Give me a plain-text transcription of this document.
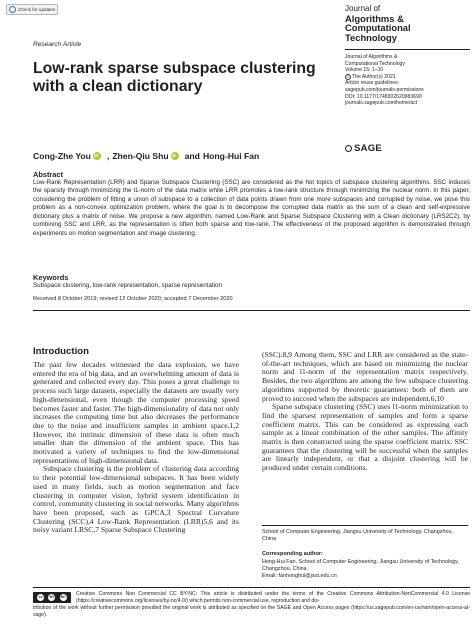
Check for updates	Journal of
Algorithms &
Computational
Technology
Research Article
Low-rank sparse subspace clustering with a clean dictionary
Journal of Algorithms &
Computational Technology
Volume 15: 1–10
© The Author(s) 2021
Article reuse guidelines:
sagepub.com/journals-permissions
DOI: 10.1177/1748302620983690
journals.sagepub.com/home/act
SAGE
Cong-Zhe You iD , Zhen-Qiu Shu iD and Hong-Hui Fan
Abstract
Low-Rank Representation (LRR) and Sparse Subspace Clustering (SSC) are considered as the hot topics of subspace clustering algorithms. SSC induces the sparsity through minimizing the l1-norm of the data matrix while LRR promotes a low-rank structure through minimizing the nuclear norm. In this paper, considering the problem of fitting a union of subspace to a collection of data points drawn from one more subspaces and corrupted by noise, we pose this problem as a non-convex optimization problem, where the goal is to decompose the corrupted data matrix as the sum of a clean and self-expressive dictionary plus a matrix of noise. We propose a new algorithm, named Low-Rank and Sparse Subspace Clustering with a Clean dictionary (LRS2C2), by combining SSC and LRR, as the representation is often both sparse and low-rank. The effectiveness of the proposed algorithm is demonstrated through experiments on motion segmentation and image clustering.
Keywords
Subspace clustering, low-rank representation, sparse representation
Received 8 October 2019; revised 12 October 2020; accepted 7 December 2020
Introduction

The past few decades witnessed the data explosion, we have entered the era of big data, and an overwhelming amount of data is generated and collected every day. This poses a great challenge to process such large datasets, especially the datasets are usually very high-dimensional, even though the computer processing speed becomes faster and faster. The high-dimensionality of data not only increases the computing time but also decreases the performance due to the noise and insufficient samples in ambient space.1,2 However, the intrinsic dimension of these data is often much smaller than the dimension of the ambient space. This has motivated a variety of techniques to find the low-dimensional representations of high-dimensional data.

Subspace clustering is the problem of clustering data according to their potential low-dimensional subspaces. It has been widely used in many fields, such as motion segmentation and face clustering in computer vision, hybrid system identification in control, community clustering in social networks. Many algorithms have been proposed, such as GPCA,3 Spectral Curvature Clustering (SCC),4 Low-Rank Representation (LRR)5,6 and its noisy variant LRSC,7 Sparse Subspace Clustering

(SSC).8,9 Among them, SSC and LRR are considered as the state-of-the-art techniques, which are based on minimizing the nuclear norm and l1-norm of the representation matrix respectively. Besides, the two algorithms are among the few subspace clustering algorithms supported by theoretic guarantees: both of them are proved to succeed when the subspaces are independent.6,10

Sparse subspace clustering (SSC) uses l1-norm minimization to find the sparsest representation of samples and form a sparse coefficient matrix. This can be considered as expressing each sample as a linear combination of the other samples. The affinity matrix is then constructed using the sparse coefficient matrix. SSC guarantees that the clustering will be successful when the samples are linearly independent, or that a disjoint clustering will be produced under certain conditions.

School of Computer Engineering, Jiangsu University of Technology, Changzhou, China
Corresponding author:
Hong-Hui Fan, School of Computer Engineering, Jiangsu University of Technology, Changzhou, China.
Email: fanhonghui@jsut.edu.cn
cc	BY NC Creative Commons Non Commercial CC BY-NC: This article is distributed under the terms of the Creative Commons Attribution-NonCommercial 4.0 License (https://creativecommons.org/licenses/by-nc/4.0/) which permits non-commercial use, reproduction and dis-
tribution of the work without further permission provided the original work is attributed as specified on the SAGE and Open Access pages (https://us.sagepub.com/en-us/nam/open-access-at-sage).
